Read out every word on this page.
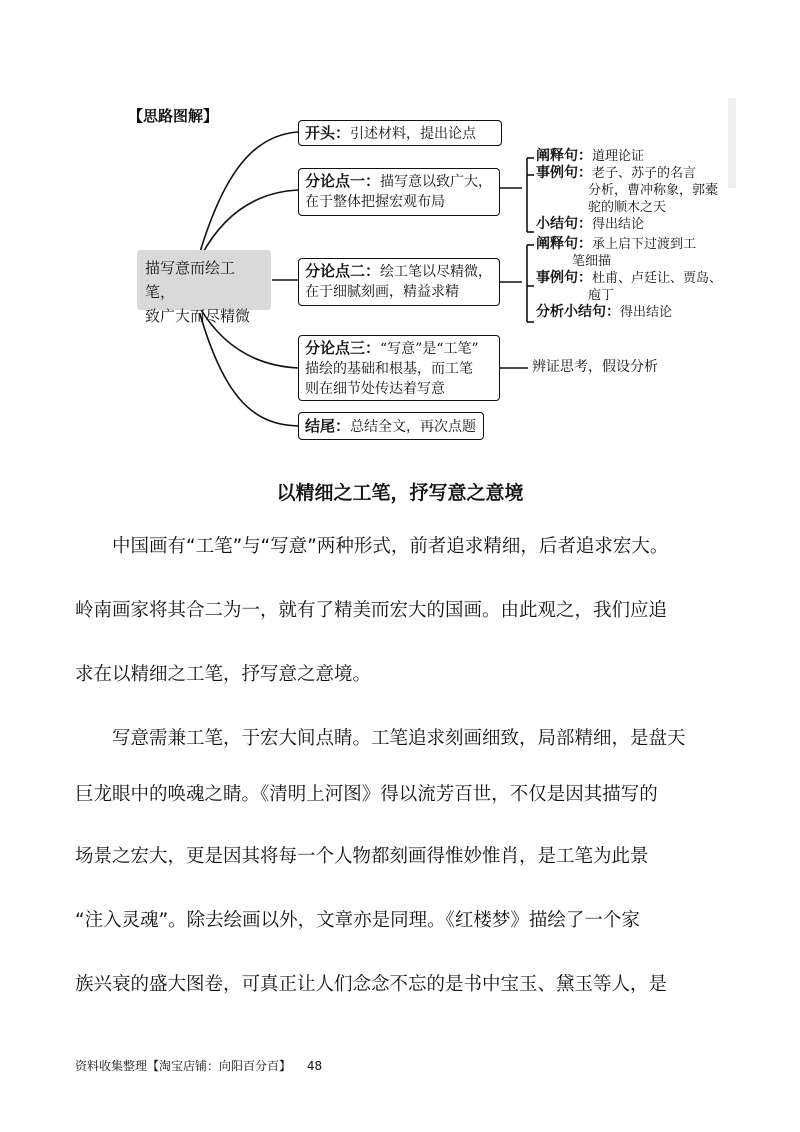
【思路图解】
描写意而绘工笔，
致广大而尽精微
开头：引述材料，提出论点
分论点一：描写意以致广大，
在于整体把握宏观布局
阐释句：道理论证
事例句：老子、苏子的名言
分析，曹冲称象，郭橐
驼的顺木之天
小结句：得出结论
分论点二：绘工笔以尽精微，
在于细腻刻画，精益求精
阐释句：承上启下过渡到工
笔细描
事例句：杜甫、卢廷让、贾岛、
庖丁
分析小结句：得出结论
分论点三：“写意”是“工笔”
描绘的基础和根基，而工笔
则在细节处传达着写意
辨证思考，假设分析
结尾：总结全文，再次点题
以精细之工笔，抒写意之意境
　　中国画有“工笔”与“写意”两种形式，前者追求精细，后者追求宏大。
岭南画家将其合二为一，就有了精美而宏大的国画。由此观之，我们应追
求在以精细之工笔，抒写意之意境。
　　写意需兼工笔，于宏大间点睛。工笔追求刻画细致，局部精细，是盘天
巨龙眼中的唤魂之睛。《清明上河图》得以流芳百世，不仅是因其描写的
场景之宏大，更是因其将每一个人物都刻画得惟妙惟肖，是工笔为此景
“注入灵魂”。除去绘画以外，文章亦是同理。《红楼梦》描绘了一个家
族兴衰的盛大图卷，可真正让人们念念不忘的是书中宝玉、黛玉等人，是
资料收集整理【淘宝店铺：向阳百分百】 48
